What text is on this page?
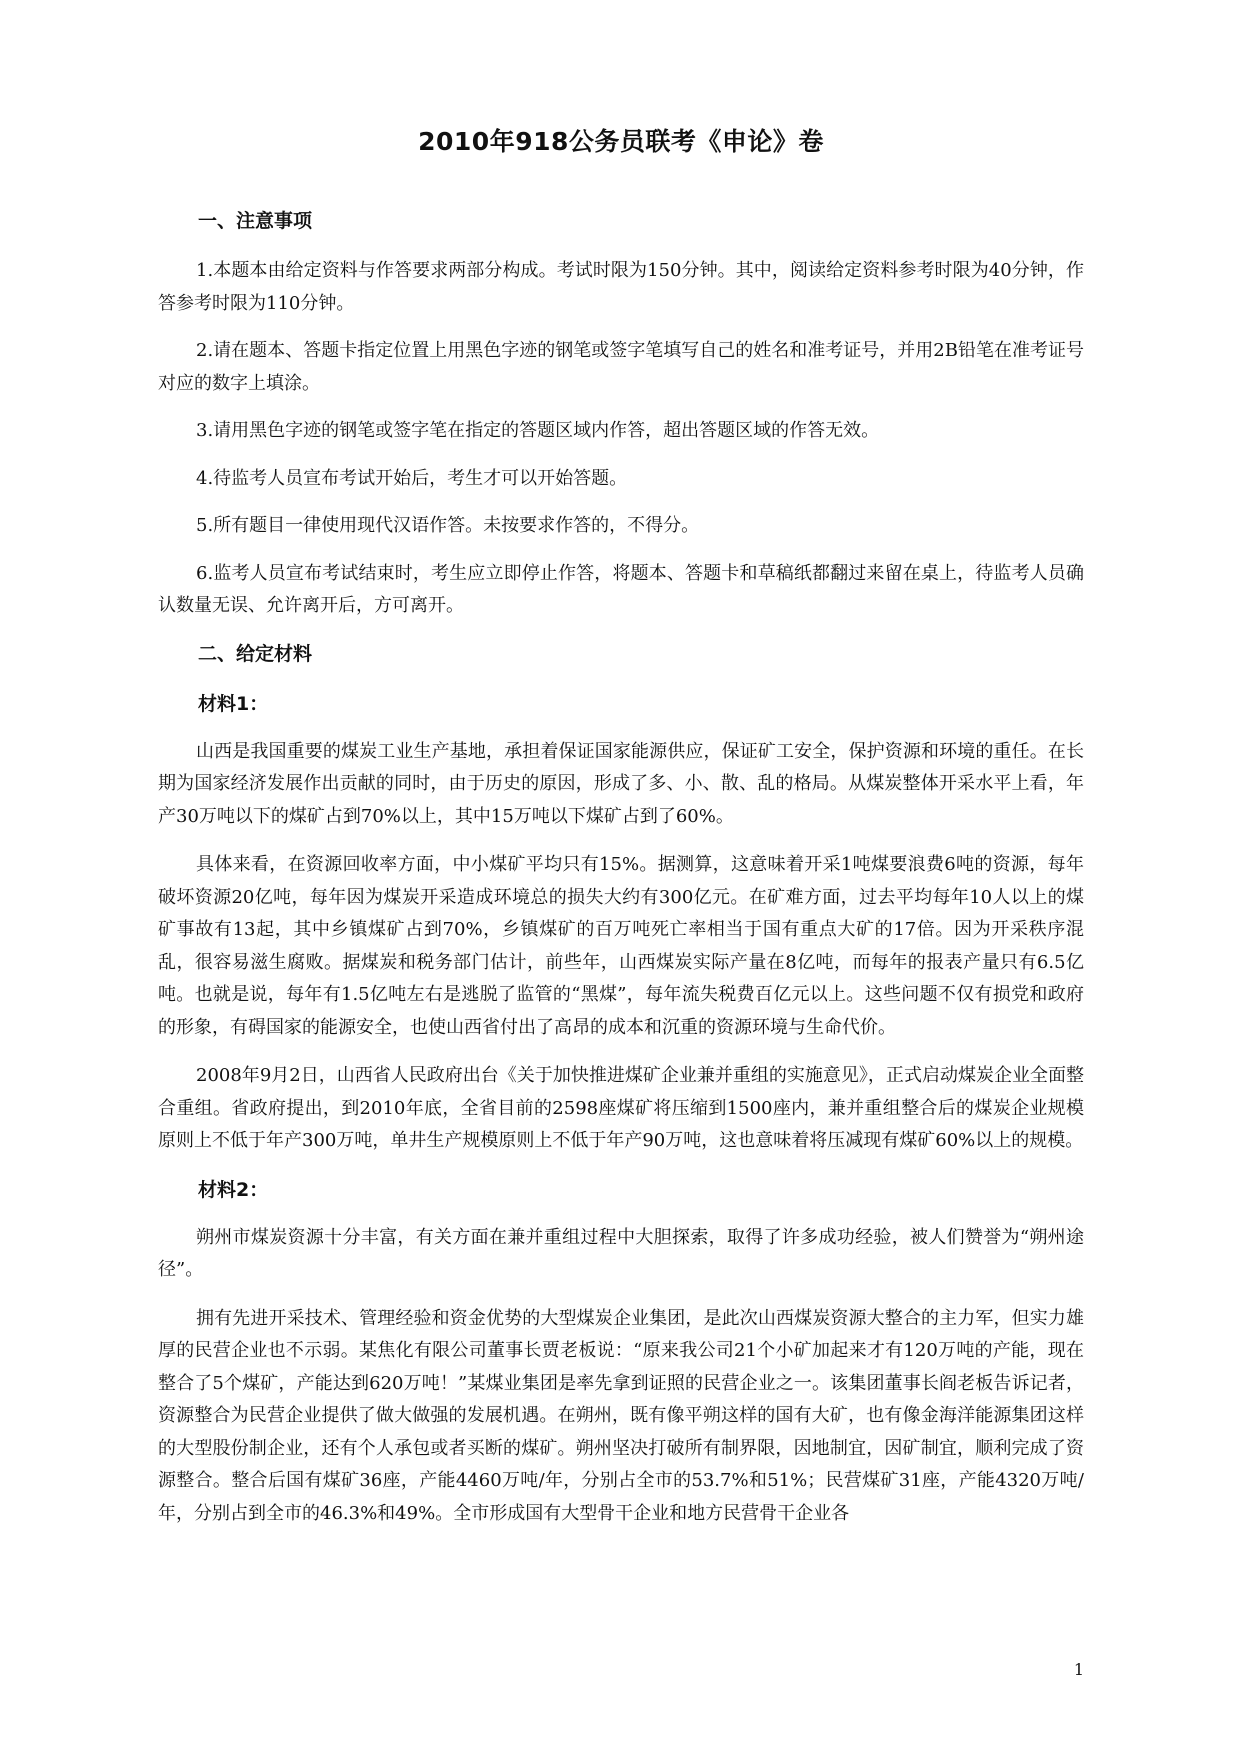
2010年918公务员联考《申论》卷
一、注意事项

1.本题本由给定资料与作答要求两部分构成。考试时限为150分钟。其中，阅读给定资料参考时限为40分钟，作答参考时限为110分钟。

2.请在题本、答题卡指定位置上用黑色字迹的钢笔或签字笔填写自己的姓名和准考证号，并用2B铅笔在准考证号对应的数字上填涂。

3.请用黑色字迹的钢笔或签字笔在指定的答题区域内作答，超出答题区域的作答无效。

4.待监考人员宣布考试开始后，考生才可以开始答题。

5.所有题目一律使用现代汉语作答。未按要求作答的，不得分。

6.监考人员宣布考试结束时，考生应立即停止作答，将题本、答题卡和草稿纸都翻过来留在桌上，待监考人员确认数量无误、允许离开后，方可离开。

二、给定材料
材料1：

山西是我国重要的煤炭工业生产基地，承担着保证国家能源供应，保证矿工安全，保护资源和环境的重任。在长期为国家经济发展作出贡献的同时，由于历史的原因，形成了多、小、散、乱的格局。从煤炭整体开采水平上看，年产30万吨以下的煤矿占到70%以上，其中15万吨以下煤矿占到了60%。

具体来看，在资源回收率方面，中小煤矿平均只有15%。据测算，这意味着开采1吨煤要浪费6吨的资源，每年破坏资源20亿吨，每年因为煤炭开采造成环境总的损失大约有300亿元。在矿难方面，过去平均每年10人以上的煤矿事故有13起，其中乡镇煤矿占到70%，乡镇煤矿的百万吨死亡率相当于国有重点大矿的17倍。因为开采秩序混乱，很容易滋生腐败。据煤炭和税务部门估计，前些年，山西煤炭实际产量在8亿吨，而每年的报表产量只有6.5亿吨。也就是说，每年有1.5亿吨左右是逃脱了监管的“黑煤”，每年流失税费百亿元以上。这些问题不仅有损党和政府的形象，有碍国家的能源安全，也使山西省付出了高昂的成本和沉重的资源环境与生命代价。

2008年9月2日，山西省人民政府出台《关于加快推进煤矿企业兼并重组的实施意见》，正式启动煤炭企业全面整合重组。省政府提出，到2010年底，全省目前的2598座煤矿将压缩到1500座内，兼并重组整合后的煤炭企业规模原则上不低于年产300万吨，单井生产规模原则上不低于年产90万吨，这也意味着将压减现有煤矿60%以上的规模。

材料2：

朔州市煤炭资源十分丰富，有关方面在兼并重组过程中大胆探索，取得了许多成功经验，被人们赞誉为“朔州途径”。

拥有先进开采技术、管理经验和资金优势的大型煤炭企业集团，是此次山西煤炭资源大整合的主力军，但实力雄厚的民营企业也不示弱。某焦化有限公司董事长贾老板说：“原来我公司21个小矿加起来才有120万吨的产能，现在整合了5个煤矿，产能达到620万吨！”某煤业集团是率先拿到证照的民营企业之一。该集团董事长阎老板告诉记者，资源整合为民营企业提供了做大做强的发展机遇。在朔州，既有像平朔这样的国有大矿，也有像金海洋能源集团这样的大型股份制企业，还有个人承包或者买断的煤矿。朔州坚决打破所有制界限，因地制宜，因矿制宜，顺利完成了资源整合。整合后国有煤矿36座，产能4460万吨/年，分别占全市的53.7%和51%；民营煤矿31座，产能4320万吨/年，分别占到全市的46.3%和49%。全市形成国有大型骨干企业和地方民营骨干企业各

1
